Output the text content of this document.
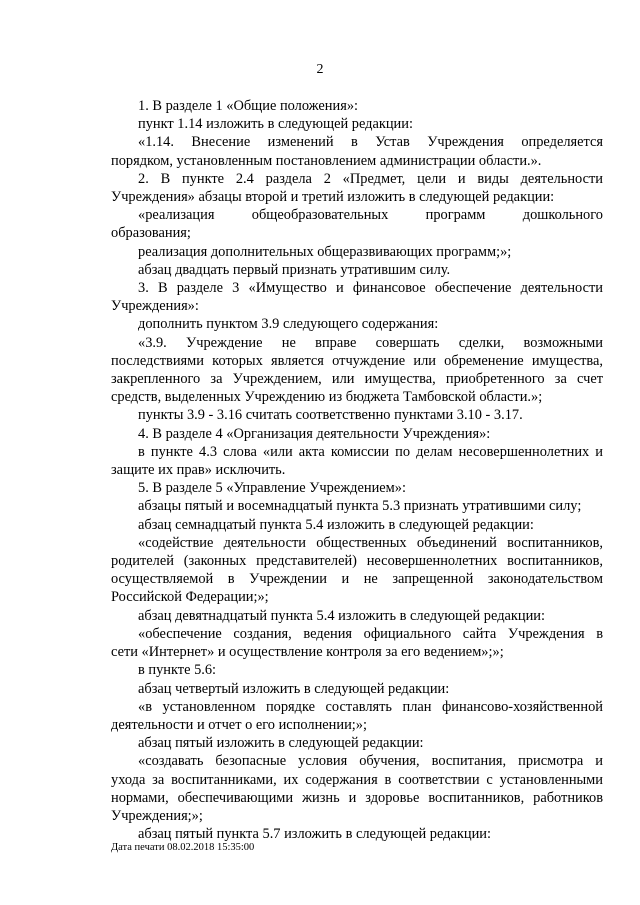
2

1. В разделе 1 «Общие положения»:

пункт 1.14 изложить в следующей редакции:

«1.14. Внесение изменений в Устав Учреждения определяется

порядком, установленным постановлением администрации области.».

2. В пункте 2.4 раздела 2 «Предмет, цели и виды деятельности

Учреждения» абзацы второй и третий изложить в следующей редакции:

«реализация общеобразовательных программ дошкольного

образования;

реализация дополнительных общеразвивающих программ;»;

абзац двадцать первый признать утратившим силу.

3. В разделе 3 «Имущество и финансовое обеспечение деятельности

Учреждения»:

дополнить пунктом 3.9 следующего содержания:

«3.9. Учреждение не вправе совершать сделки, возможными

последствиями которых является отчуждение или обременение имущества,

закрепленного за Учреждением, или имущества, приобретенного за счет

средств, выделенных Учреждению из бюджета Тамбовской области.»;

пункты 3.9 - 3.16 считать соответственно пунктами 3.10 - 3.17.

4. В разделе 4 «Организация деятельности Учреждения»:

в пункте 4.3 слова «или акта комиссии по делам несовершеннолетних и

защите их прав» исключить.

5. В разделе 5 «Управление Учреждением»:

абзацы пятый и восемнадцатый пункта 5.3 признать утратившими силу;

абзац семнадцатый пункта 5.4 изложить в следующей редакции:

«содействие деятельности общественных объединений воспитанников,

родителей (законных представителей) несовершеннолетних воспитанников,

осуществляемой в Учреждении и не запрещенной законодательством

Российской Федерации;»;

абзац девятнадцатый пункта 5.4 изложить в следующей редакции:

«обеспечение создания, ведения официального сайта Учреждения в

сети «Интернет» и осуществление контроля за его ведением»;»;

в пункте 5.6:

абзац четвертый изложить в следующей редакции:

«в установленном порядке составлять план финансово-хозяйственной

деятельности и отчет о его исполнении;»;

абзац пятый изложить в следующей редакции:

«создавать безопасные условия обучения, воспитания, присмотра и

ухода за воспитанниками, их содержания в соответствии с установленными

нормами, обеспечивающими жизнь и здоровье воспитанников, работников

Учреждения;»;

абзац пятый пункта 5.7 изложить в следующей редакции:

Дата печати 08.02.2018 15:35:00
